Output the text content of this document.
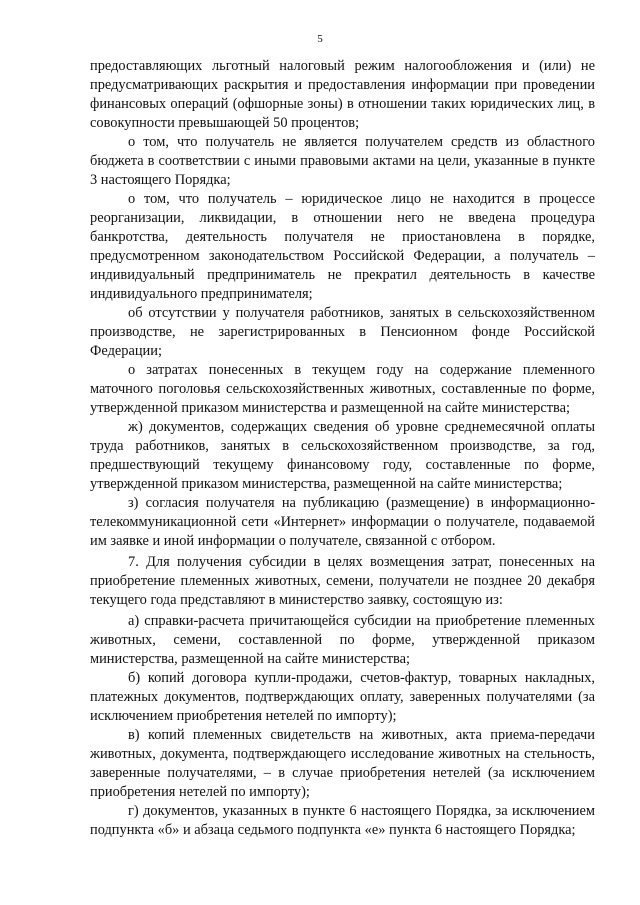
5

предоставляющих льготный налоговый режим налогообложения и (или) не предусматривающих раскрытия и предоставления информации при проведении финансовых операций (офшорные зоны) в отношении таких юридических лиц, в совокупности превышающей 50 процентов;

о том, что получатель не является получателем средств из областного бюджета в соответствии с иными правовыми актами на цели, указанные в пункте 3 настоящего Порядка;

о том, что получатель – юридическое лицо не находится в процессе реорганизации, ликвидации, в отношении него не введена процедура банкротства, деятельность получателя не приостановлена в порядке, предусмотренном законодательством Российской Федерации, а получатель – индивидуальный предприниматель не прекратил деятельность в качестве индивидуального предпринимателя;

об отсутствии у получателя работников, занятых в сельскохозяйственном производстве, не зарегистрированных в Пенсионном фонде Российской Федерации;

о затратах понесенных в текущем году на содержание племенного маточного поголовья сельскохозяйственных животных, составленные по форме, утвержденной приказом министерства и размещенной на сайте министерства;

ж) документов, содержащих сведения об уровне среднемесячной оплаты труда работников, занятых в сельскохозяйственном производстве, за год, предшествующий текущему финансовому году, составленные по форме, утвержденной приказом министерства, размещенной на сайте министерства;

з) согласия получателя на публикацию (размещение) в информационно-телекоммуникационной сети «Интернет» информации о получателе, подаваемой им заявке и иной информации о получателе, связанной с отбором.

7. Для получения субсидии в целях возмещения затрат, понесенных на приобретение племенных животных, семени, получатели не позднее 20 декабря текущего года представляют в министерство заявку, состоящую из:

а) справки-расчета причитающейся субсидии на приобретение племенных животных, семени, составленной по форме, утвержденной приказом министерства, размещенной на сайте министерства;

б) копий договора купли-продажи, счетов-фактур, товарных накладных, платежных документов, подтверждающих оплату, заверенных получателями (за исключением приобретения нетелей по импорту);

в) копий племенных свидетельств на животных, акта приема-передачи животных, документа, подтверждающего исследование животных на стельность, заверенные получателями, – в случае приобретения нетелей (за исключением приобретения нетелей по импорту);

г) документов, указанных в пункте 6 настоящего Порядка, за исключением подпункта «б» и абзаца седьмого подпункта «е» пункта 6 настоящего Порядка;
